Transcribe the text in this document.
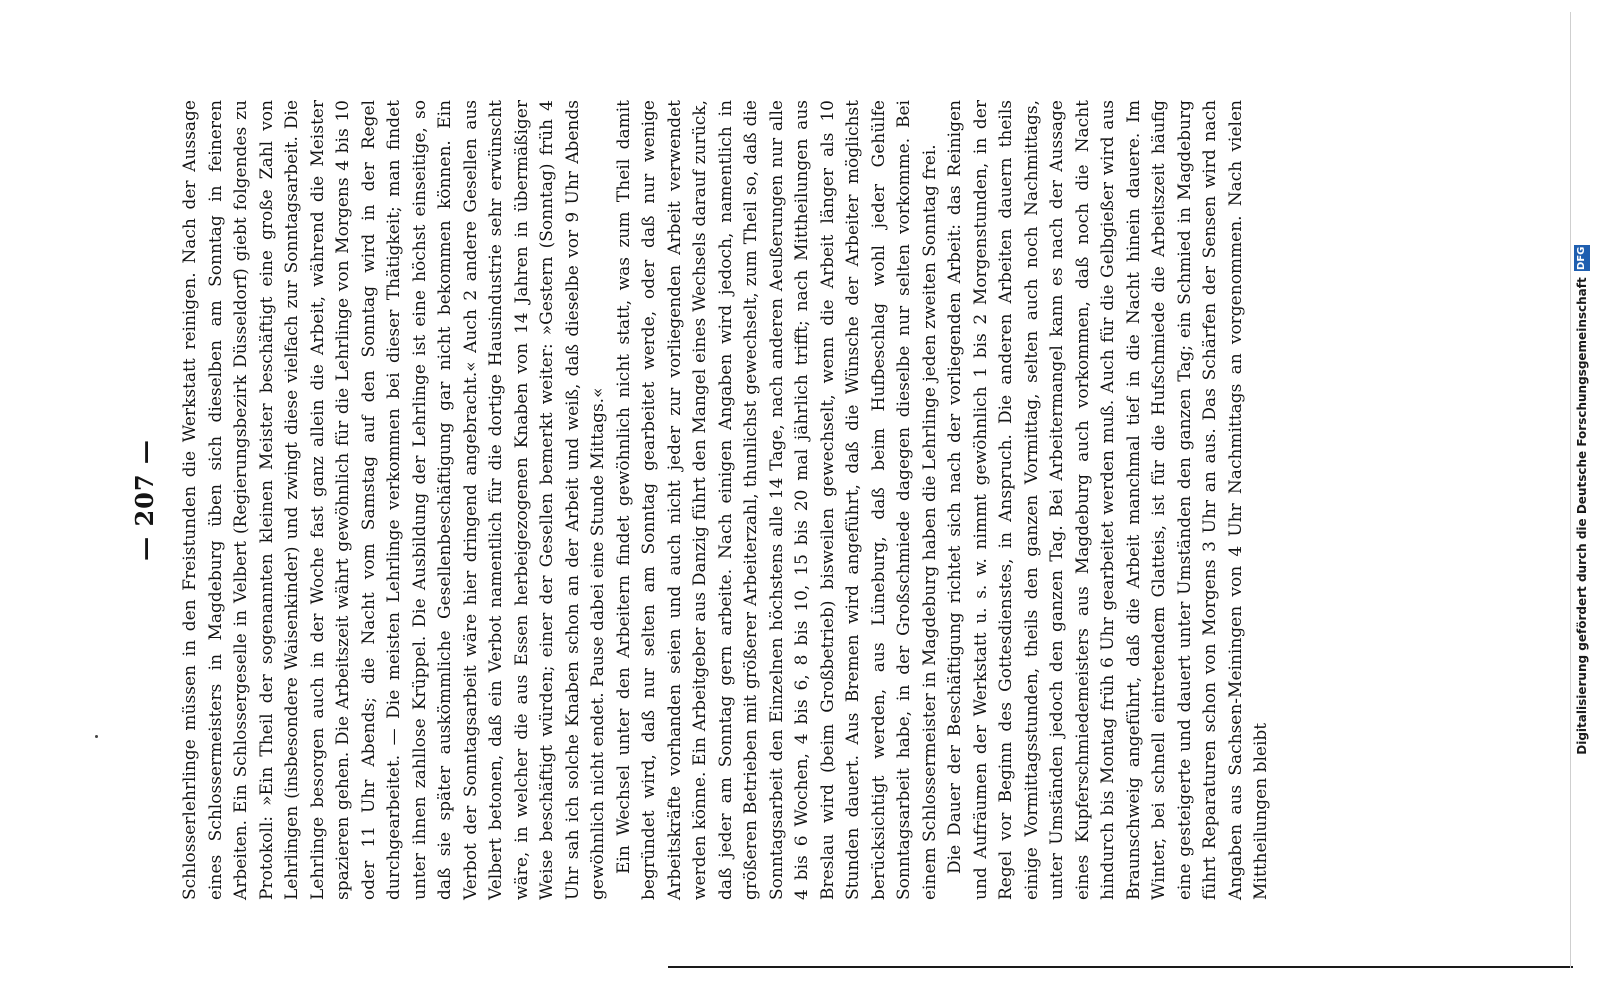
— 207 — Schlosserlehrlinge müssen in den Freistunden die Werkstatt reinigen. Nach der Aussage eines Schlossermeisters in Magdeburg üben sich dieselben am Sonntag in feineren Arbeiten. Ein Schlossergeselle in Velbert (Regierungsbezirk Düsseldorf) giebt folgendes zu Protokoll: »Ein Theil der sogenannten kleinen Meister beschäftigt eine große Zahl von Lehrlingen (insbesondere Waisenkinder) und zwingt diese vielfach zur Sonntagsarbeit. Die Lehrlinge besorgen auch in der Woche fast ganz allein die Arbeit, während die Meister spazieren gehen. Die Arbeitszeit währt gewöhnlich für die Lehrlinge von Morgens 4 bis 10 oder 11 Uhr Abends; die Nacht vom Samstag auf den Sonntag wird in der Regel durchgearbeitet. — Die meisten Lehrlinge verkommen bei dieser Thätigkeit; man findet unter ihnen zahllose Krüppel. Die Ausbildung der Lehrlinge ist eine höchst einseitige, so daß sie später auskömmliche Gesellenbeschäftigung gar nicht bekommen können. Ein Verbot der Sonntagsarbeit wäre hier dringend angebracht.« Auch 2 andere Gesellen aus Velbert betonen, daß ein Verbot namentlich für die dortige Hausindustrie sehr erwünscht wäre, in welcher die aus Essen herbeigezogenen Knaben von 14 Jahren in übermäßiger Weise beschäftigt würden; einer der Gesellen bemerkt weiter: »Gestern (Sonntag) früh 4 Uhr sah ich solche Knaben schon an der Arbeit und weiß, daß dieselbe vor 9 Uhr Abends gewöhnlich nicht endet. Pause dabei eine Stunde Mittags.« Ein Wechsel unter den Arbeitern findet gewöhnlich nicht statt, was zum Theil damit begründet wird, daß nur selten am Sonntag gearbeitet werde, oder daß nur wenige Arbeitskräfte vorhanden seien und auch nicht jeder zur vorliegenden Arbeit verwendet werden könne. Ein Arbeitgeber aus Danzig führt den Mangel eines Wechsels darauf zurück, daß jeder am Sonntag gern arbeite. Nach einigen Angaben wird jedoch, namentlich in größeren Betrieben mit größerer Arbeiterzahl, thunlichst gewechselt, zum Theil so, daß die Sonntagsarbeit den Einzelnen höchstens alle 14 Tage, nach anderen Aeußerungen nur alle 4 bis 6 Wochen, 4 bis 6, 8 bis 10, 15 bis 20 mal jährlich trifft; nach Mittheilungen aus Breslau wird (beim Großbetrieb) bisweilen gewechselt, wenn die Arbeit länger als 10 Stunden dauert. Aus Bremen wird angeführt, daß die Wünsche der Arbeiter möglichst berücksichtigt werden, aus Lüneburg, daß beim Hufbeschlag wohl jeder Gehülfe Sonntagsarbeit habe, in der Großschmiede dagegen dieselbe nur selten vorkomme. Bei einem Schlossermeister in Magdeburg haben die Lehrlinge jeden zweiten Sonntag frei. Die Dauer der Beschäftigung richtet sich nach der vorliegenden Arbeit: das Reinigen und Aufräumen der Werkstatt u. s. w. nimmt gewöhnlich 1 bis 2 Morgenstunden, in der Regel vor Beginn des Gottesdienstes, in Anspruch. Die anderen Arbeiten dauern theils einige Vormittagsstunden, theils den ganzen Vormittag, selten auch noch Nachmittags, unter Umständen jedoch den ganzen Tag. Bei Arbeitermangel kann es nach der Aussage eines Kupferschmiedemeisters aus Magdeburg auch vorkommen, daß noch die Nacht hindurch bis Montag früh 6 Uhr gearbeitet werden muß. Auch für die Gelbgießer wird aus Braunschweig angeführt, daß die Arbeit manchmal tief in die Nacht hinein dauere. Im Winter, bei schnell eintretendem Glatteis, ist für die Hufschmiede die Arbeitszeit häufig eine gesteigerte und dauert unter Umständen den ganzen Tag; ein Schmied in Magdeburg führt Reparaturen schon von Morgens 3 Uhr an aus. Das Schärfen der Sensen wird nach Angaben aus Sachsen-Meiningen von 4 Uhr Nachmittags an vorgenommen. Nach vielen Mittheilungen bleibt

Digitalisierung gefördert durch die Deutsche Forschungsgemeinschaft
DFG
